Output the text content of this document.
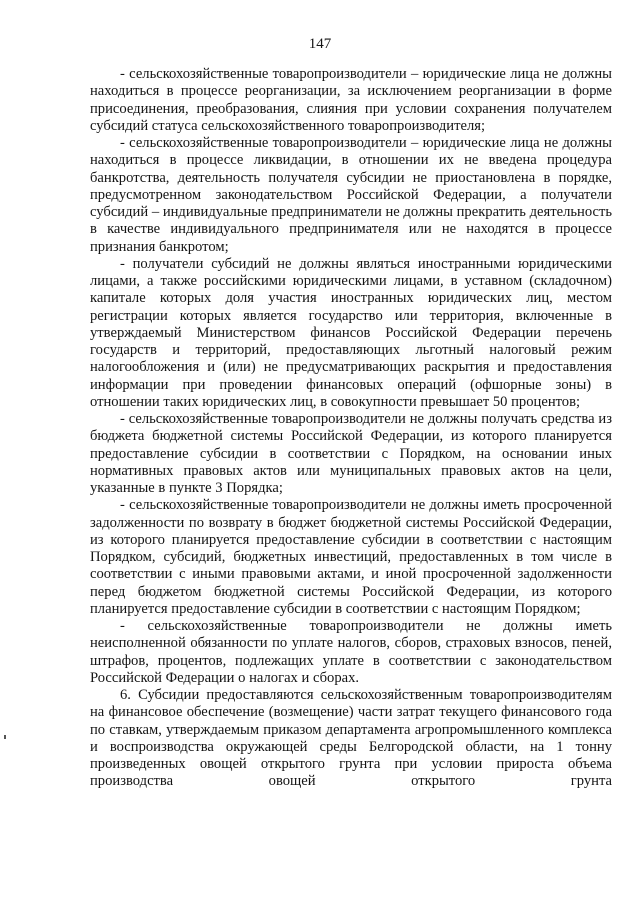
147

- сельскохозяйственные товаропроизводители – юридические лица не должны находиться в процессе реорганизации, за исключением реорганизации в форме присоединения, преобразования, слияния при условии сохранения получателем субсидий статуса сельскохозяйственного товаропроизводителя;

- сельскохозяйственные товаропроизводители – юридические лица не должны находиться в процессе ликвидации, в отношении их не введена процедура банкротства, деятельность получателя субсидии не приостановлена в порядке, предусмотренном законодательством Российской Федерации, а получатели субсидий – индивидуальные предприниматели не должны прекратить деятельность в качестве индивидуального предпринимателя или не находятся в процессе признания банкротом;

- получатели субсидий не должны являться иностранными юридическими лицами, а также российскими юридическими лицами, в уставном (складочном) капитале которых доля участия иностранных юридических лиц, местом регистрации которых является государство или территория, включенные в утверждаемый Министерством финансов Российской Федерации перечень государств и территорий, предоставляющих льготный налоговый режим налогообложения и (или) не предусматривающих раскрытия и предоставления информации при проведении финансовых операций (офшорные зоны) в отношении таких юридических лиц, в совокупности превышает 50 процентов;

- сельскохозяйственные товаропроизводители не должны получать средства из бюджета бюджетной системы Российской Федерации, из которого планируется предоставление субсидии в соответствии с Порядком, на основании иных нормативных правовых актов или муниципальных правовых актов на цели, указанные в пункте 3 Порядка;

- сельскохозяйственные товаропроизводители не должны иметь просроченной задолженности по возврату в бюджет бюджетной системы Российской Федерации, из которого планируется предоставление субсидии в соответствии с настоящим Порядком, субсидий, бюджетных инвестиций, предоставленных в том числе в соответствии с иными правовыми актами, и иной просроченной задолженности перед бюджетом бюджетной системы Российской Федерации, из которого планируется предоставление субсидии в соответствии с настоящим Порядком;

- сельскохозяйственные товаропроизводители не должны иметь неисполненной обязанности по уплате налогов, сборов, страховых взносов, пеней, штрафов, процентов, подлежащих уплате в соответствии с законодательством Российской Федерации о налогах и сборах.

6. Субсидии предоставляются сельскохозяйственным товаропроизводителям на финансовое обеспечение (возмещение) части затрат текущего финансового года по ставкам, утверждаемым приказом департамента агропромышленного комплекса и воспроизводства окружающей среды Белгородской области, на 1 тонну произведенных овощей открытого грунта при условии прироста объема производства овощей открытого грунта
